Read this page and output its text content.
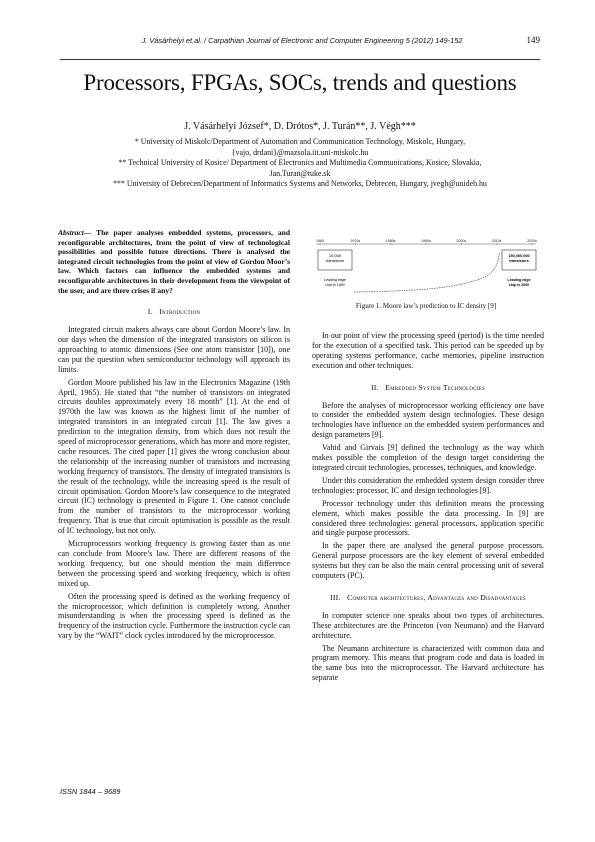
J. Vásárhelyi et.al. / Carpathian Journal of Electronic and Computer Engineering 5 (2012) 149-152	149
Processors, FPGAs, SOCs, trends and questions
J. Vásárhelyi József*, D. Drótos*, J. Turán**, J. Végh***
* University of Miskolc/Department of Automation and Communication Technology, Miskolc, Hungary,
{vajo, drdani}@mazsola.iit.uni-miskolc.hu
** Technical University of Kosice/ Department of Electronics and Multimedia Communications, Kosice, Slovakia,
Jan.Turan@tuke.sk
*** University of Debrecen/Department of Informatics Systems and Networks, Debrecen, Hungary, jvegh@unideb.hu
Abstract— The paper analyses embedded systems, processors, and reconfigurable architectures, from the point of view of technological possibilities and possible future directions. There is analysed the integrated circuit technologies from the point of view of Gordon Moor’s law. Which factors can influence the embedded systems and reconfigurable architectures in their development from the viewpoint of the user, and are there crises if any?
I. Introduction

Integrated circuit makers always care about Gordon Moore’s law. In our days when the dimension of the integrated transistors on silicon is approaching to atomic dimensions (See one atom transistor [10]), one can put the question when semiconductor technology will approach its limits.

Gordon Moore published his law in the Electronics Magazine (19th April, 1965). He stated that “the number of transistors on integrated circuits doubles approximately every 18 month” [1]. At the end of 1970th the law was known as the highest limit of the number of integrated transistors in an integrated circuit [1]. The law gives a prediction to the integration density, from which does not result the speed of microprocessor generations, which has more and more register, cache resources. The cited paper [1] gives the wrong conclusion about the relationship of the increasing number of transistors and increasing working frequency of transistors. The density of integrated transistors is the result of the technology, while the increasing speed is the result of circuit optimisation. Gordon Moore’s law consequence to the integrated circuit (IC) technology is presented in Figure 1. One cannot conclude from the number of transistors to the microprocessor working frequency. That is true that circuit optimisation is possible as the result of IC technology, but not only.

Microprocessors working frequency is growing faster than as one can conclude from Moore’s law. There are different reasons of the working frequency, but one should mention the main difference between the processing speed and working frequency, which is often mixed up.

Often the processing speed is defined as the working frequency of the microprocessor, which definition is completely wrong. Another misunderstanding is when the processing speed is defined as the frequency of the instruction cycle. Furthermore the instruction cycle can vary by the “WAIT” clock cycles introduced by the microprocessor.

1965	1970s	1980s	1990s	2000s	2010s	2020s
10,000
transistors
Leading edge
chip in 1980
150,000,000
transistors
Leading edge
chip in 2000
Figure 1. Moore law’s prediction to IC density [9]

In our point of view the processing speed (period) is the time needed for the execution of a specified task. This period can be speeded up by operating systems performance, cache memories, pipeline instruction execution and other techniques.

II. Embedded System Technologies

Before the analyses of microprocessor working efficiency one have to consider the embedded system design technologies. These design technologies have influence on the embedded system performances and design parameters [9].

Vahid and Girvais [9] defined the technology as the way which makes possible the completion of the design target considering the integrated circuit technologies, processes, techniques, and knowledge.

Under this consideration the embedded system design consider three technologies: processor, IC and design technologies [9].

Processor technology under this definition means the processing element, which makes possible the data processing. In [9] are considered three technologies: general processors, application specific and single purpose processors.

In the paper there are analysed the general purpose processors. General purpose processors are the key element of several embedded systems but they can be also the main central processing unit of several computers (PC).

III. Computer architectures, Advantages and Disadvantages

In computer science one speaks about two types of architectures. These architectures are the Princeton (von Neumann) and the Harvard architecture.

The Neumann architecture is characterized with common data and program memory. This means that program code and data is loaded in the same bus into the microprocessor. The Harvard architecture has separate

ISSN 1844 – 9689
